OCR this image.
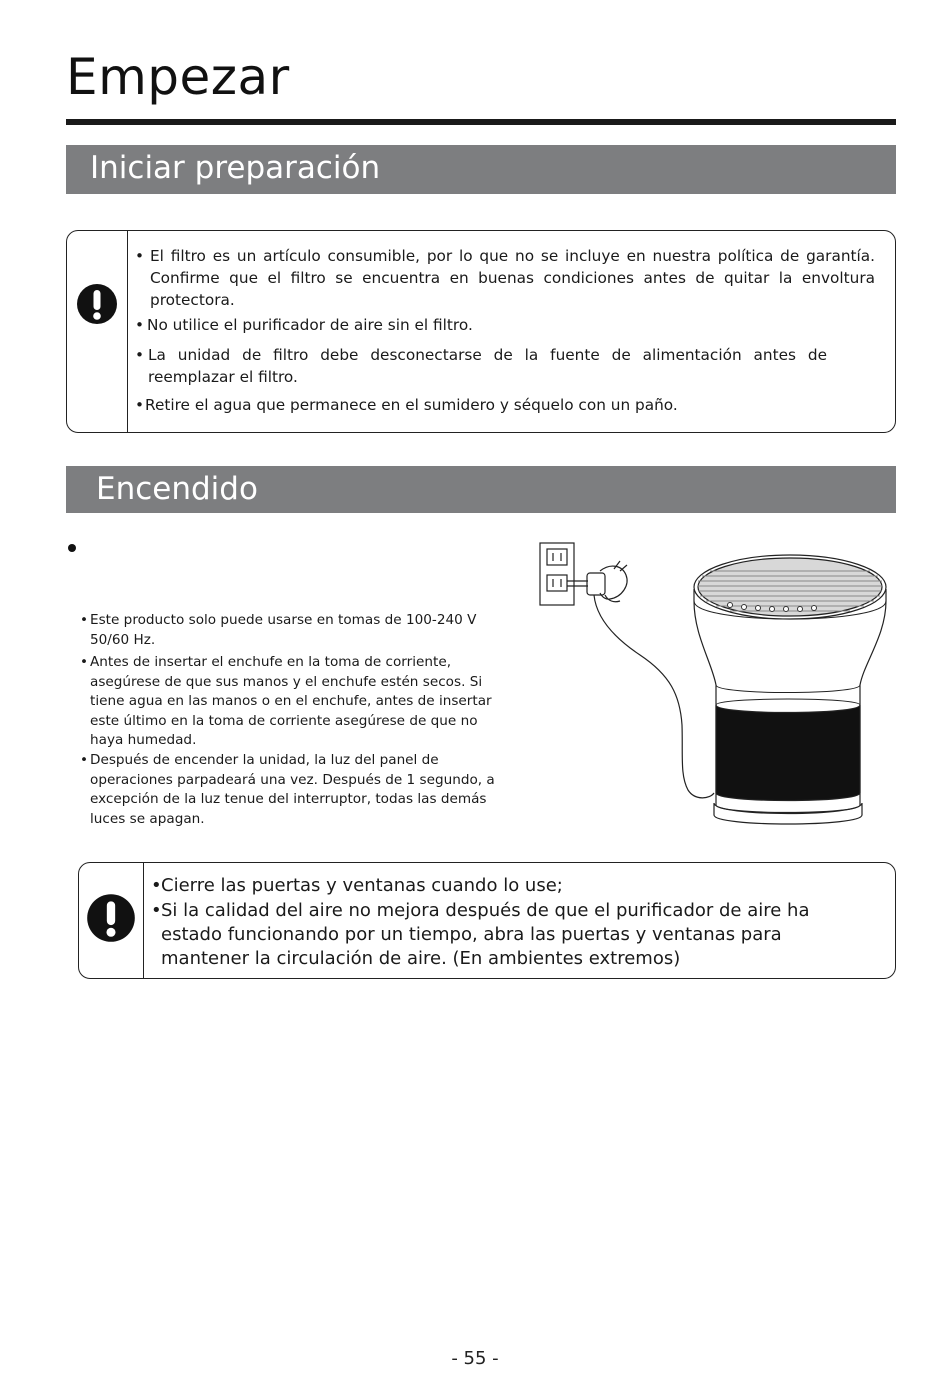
Empezar
Iniciar preparación
• El filtro es un artículo consumible, por lo que no se incluye en nuestra política de garantía. Confirme que el filtro se encuentra en buenas condiciones antes de quitar la envoltura protectora.
• No utilice el purificador de aire sin el filtro.
• La unidad de filtro debe desconectarse de la fuente de alimentación antes de reemplazar el filtro.
• Retire el agua que permanece en el sumidero y séquelo con un paño.
Encendido
• Este producto solo puede usarse en tomas de 100-240 V 50/60 Hz.
• Antes de insertar el enchufe en la toma de corriente, asegúrese de que sus manos y el enchufe estén secos. Si tiene agua en las manos o en el enchufe, antes de insertar este último en la toma de corriente asegúrese de que no haya humedad.
• Después de encender la unidad, la luz del panel de operaciones parpadeará una vez. Después de 1 segundo, a excepción de la luz tenue del interruptor, todas las demás luces se apagan.
• Cierre las puertas y ventanas cuando lo use;
• Si la calidad del aire no mejora después de que el purificador de aire ha estado funcionando por un tiempo, abra las puertas y ventanas para mantener la circulación de aire. (En ambientes extremos)
- 55 -
